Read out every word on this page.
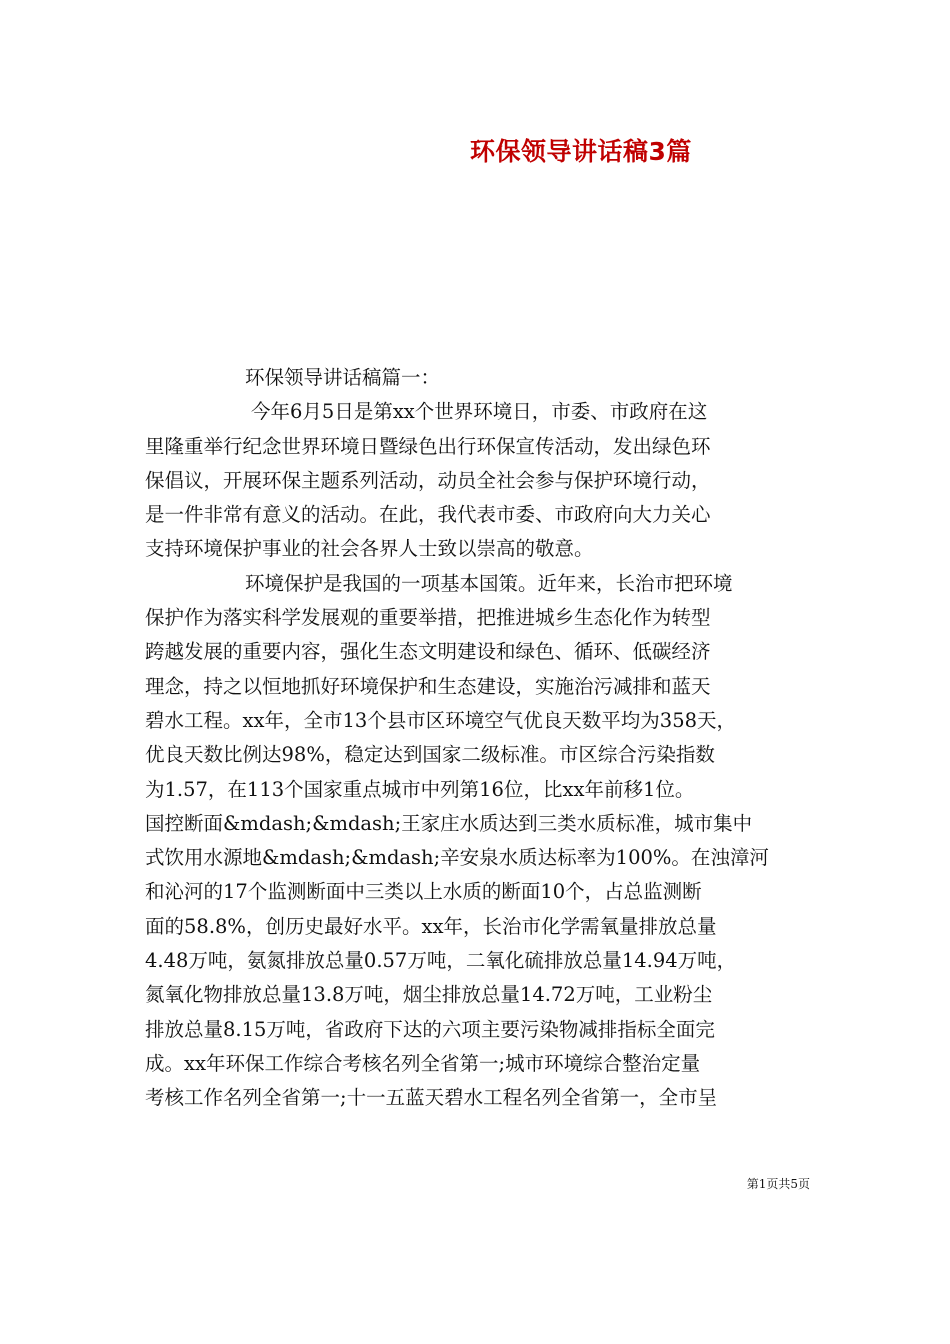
环保领导讲话稿3篇
环保领导讲话稿篇一：
今年6月5日是第xx个世界环境日，市委、市政府在这
里隆重举行纪念世界环境日暨绿色出行环保宣传活动，发出绿色环
保倡议，开展环保主题系列活动，动员全社会参与保护环境行动，
是一件非常有意义的活动。在此，我代表市委、市政府向大力关心
支持环境保护事业的社会各界人士致以崇高的敬意。
环境保护是我国的一项基本国策。近年来，长治市把环境
保护作为落实科学发展观的重要举措，把推进城乡生态化作为转型
跨越发展的重要内容，强化生态文明建设和绿色、循环、低碳经济
理念，持之以恒地抓好环境保护和生态建设，实施治污减排和蓝天
碧水工程。xx年，全市13个县市区环境空气优良天数平均为358天，
优良天数比例达98%，稳定达到国家二级标准。市区综合污染指数
为1.57，在113个国家重点城市中列第16位，比xx年前移1位。
国控断面&mdash;&mdash;王家庄水质达到三类水质标准，城市集中
式饮用水源地&mdash;&mdash;辛安泉水质达标率为100%。在浊漳河
和沁河的17个监测断面中三类以上水质的断面10个，占总监测断
面的58.8%，创历史最好水平。xx年，长治市化学需氧量排放总量
4.48万吨，氨氮排放总量0.57万吨，二氧化硫排放总量14.94万吨，
氮氧化物排放总量13.8万吨，烟尘排放总量14.72万吨，工业粉尘
排放总量8.15万吨，省政府下达的六项主要污染物减排指标全面完
成。xx年环保工作综合考核名列全省第一;城市环境综合整治定量
考核工作名列全省第一;十一五蓝天碧水工程名列全省第一，全市呈
第1页共5页
